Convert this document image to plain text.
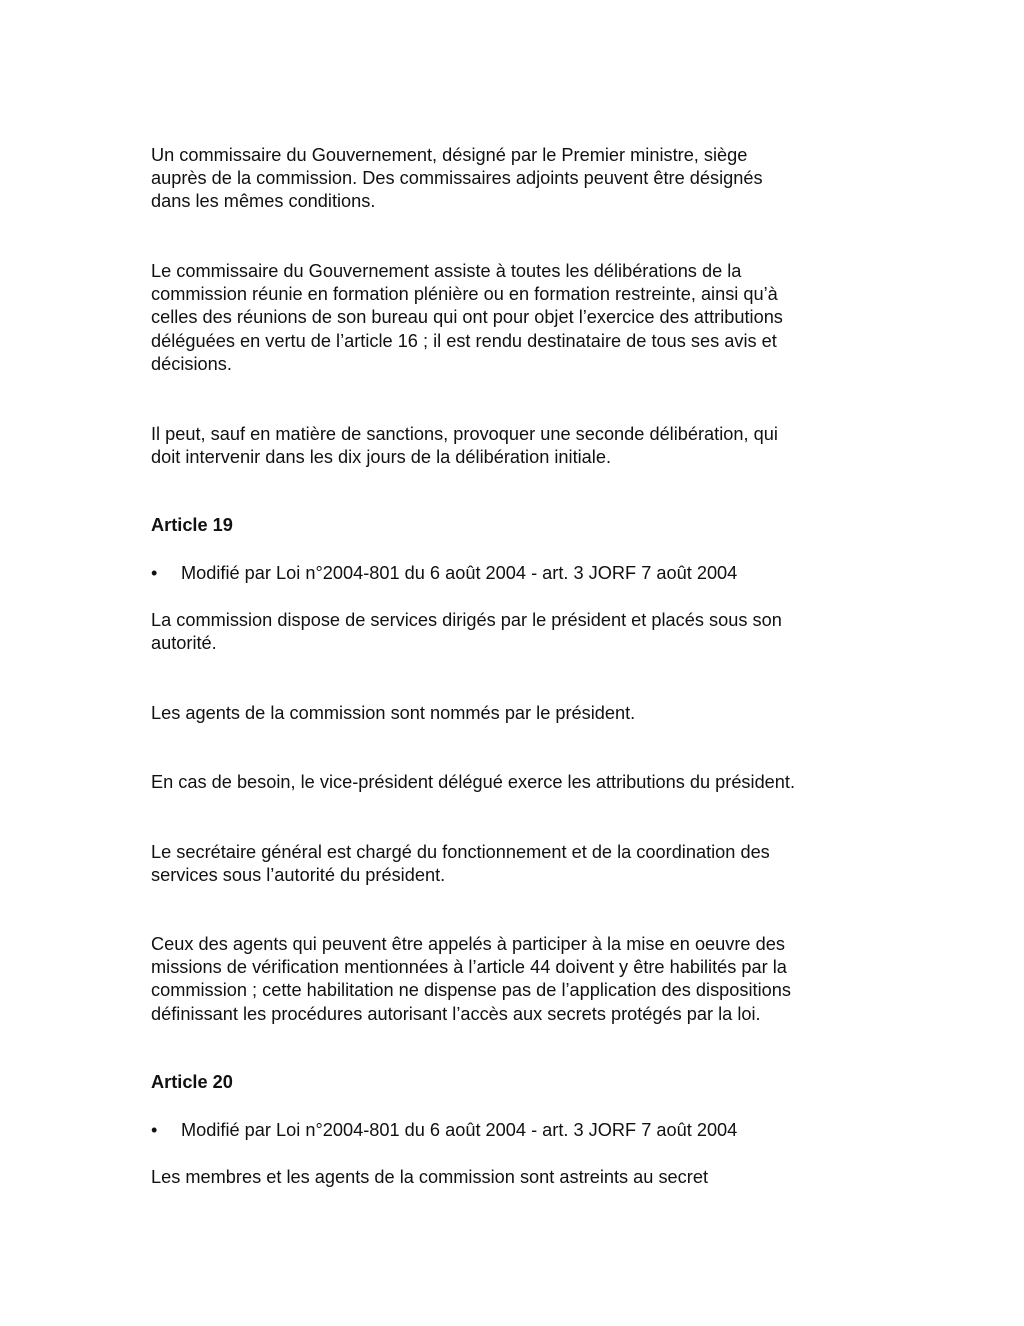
Un commissaire du Gouvernement, désigné par le Premier ministre, siège
auprès de la commission. Des commissaires adjoints peuvent être désignés
dans les mêmes conditions.

Le commissaire du Gouvernement assiste à toutes les délibérations de la
commission réunie en formation plénière ou en formation restreinte, ainsi qu’à
celles des réunions de son bureau qui ont pour objet l’exercice des attributions
déléguées en vertu de l’article 16 ; il est rendu destinataire de tous ses avis et
décisions.

Il peut, sauf en matière de sanctions, provoquer une seconde délibération, qui
doit intervenir dans les dix jours de la délibération initiale.

Article 19

• Modifié par Loi n°2004-801 du 6 août 2004 - art. 3 JORF 7 août 2004

La commission dispose de services dirigés par le président et placés sous son
autorité.

Les agents de la commission sont nommés par le président.

En cas de besoin, le vice-président délégué exerce les attributions du président.

Le secrétaire général est chargé du fonctionnement et de la coordination des
services sous l’autorité du président.

Ceux des agents qui peuvent être appelés à participer à la mise en oeuvre des
missions de vérification mentionnées à l’article 44 doivent y être habilités par la
commission ; cette habilitation ne dispense pas de l’application des dispositions
définissant les procédures autorisant l’accès aux secrets protégés par la loi.

Article 20

• Modifié par Loi n°2004-801 du 6 août 2004 - art. 3 JORF 7 août 2004

Les membres et les agents de la commission sont astreints au secret
